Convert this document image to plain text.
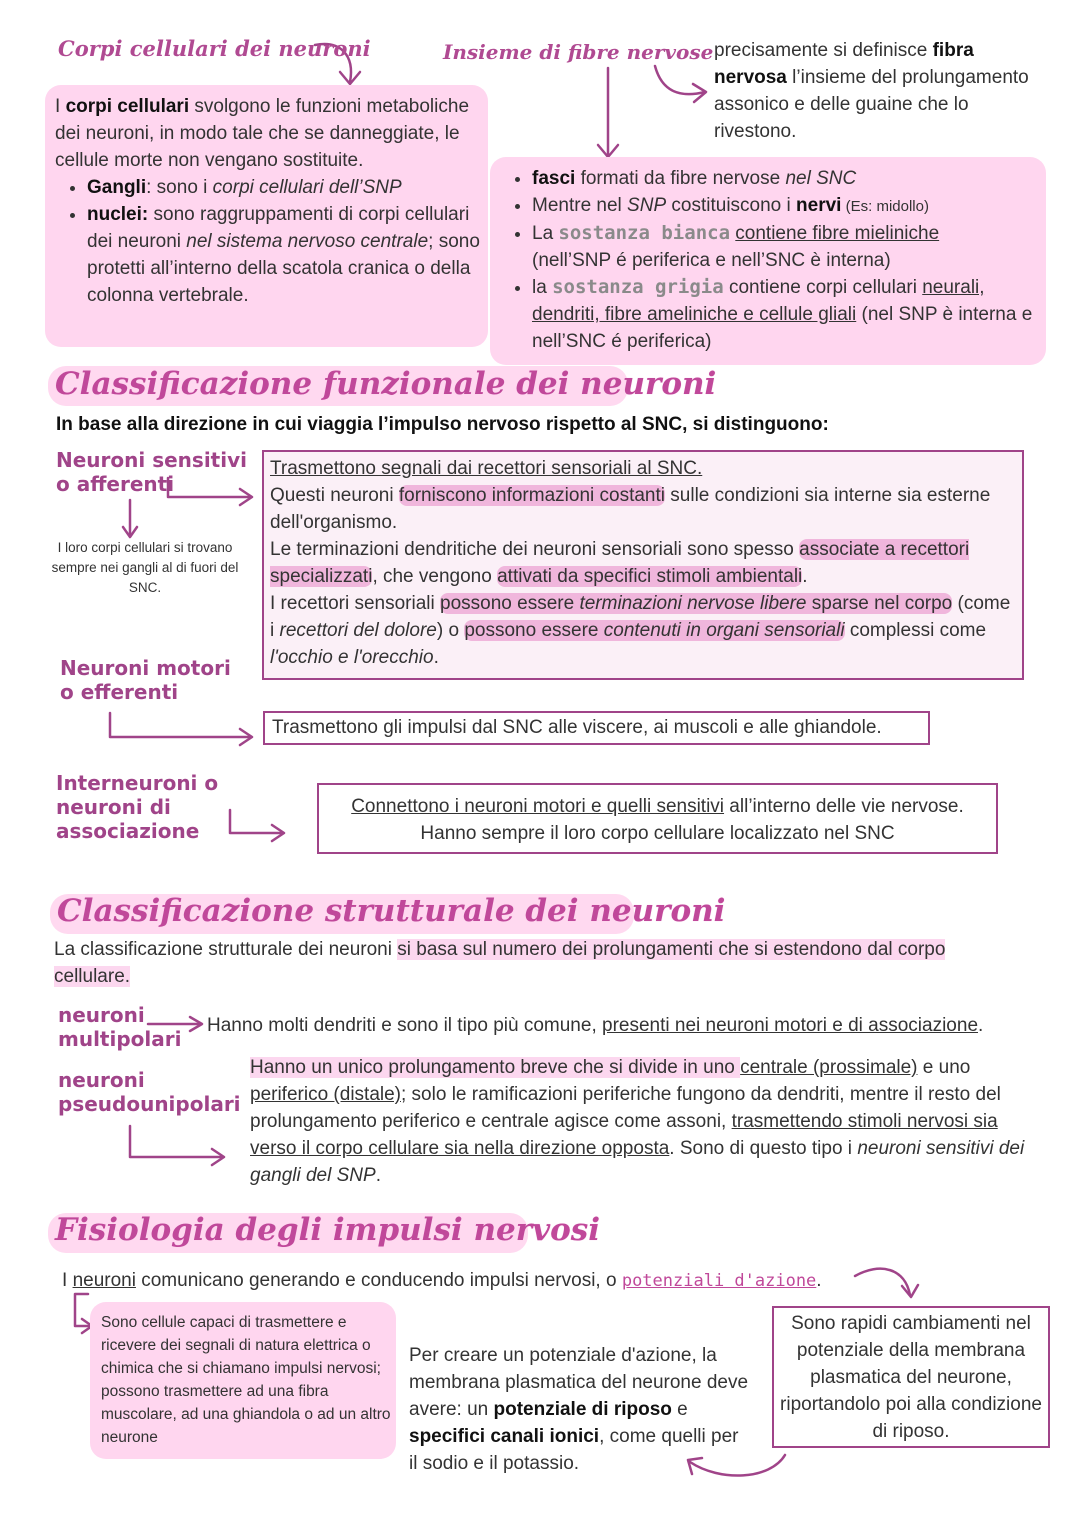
Corpi cellulari dei neuroni
I corpi cellulari svolgono le funzioni metaboliche dei neuroni, in modo tale che se danneggiate, le cellule morte non vengano sostituite.
• Gangli: sono i corpi cellulari dell’SNP
• nuclei: sono raggruppamenti di corpi cellulari dei neuroni nel sistema nervoso centrale; sono protetti all’interno della scatola cranica o della colonna vertebrale.
Insieme di fibre nervose precisamente si definisce fibra nervosa l’insieme del prolungamento assonico e delle guaine che lo rivestono.
• fasci formati da fibre nervose nel SNC
• Mentre nel SNP costituiscono i nervi (Es: midollo)
• La sostanza bianca contiene fibre mieliniche
(nell’SNP é periferica e nell’SNC è interna)
• la sostanza grigia contiene corpi cellulari neurali, dendriti, fibre ameliniche e cellule gliali (nel SNP è interna e nell’SNC é periferica)
Classificazione funzionale dei neuroni
In base alla direzione in cui viaggia l’impulso nervoso rispetto al SNC, si distinguono:
Neuroni sensitivi o afferenti
I loro corpi cellulari si trovano sempre nei gangli al di fuori del SNC.
Trasmettono segnali dai recettori sensoriali al SNC.
Questi neuroni forniscono informazioni costanti sulle condizioni sia interne sia esterne dell'organismo.
Le terminazioni dendritiche dei neuroni sensoriali sono spesso associate a recettori specializzati, che vengono attivati da specifici stimoli ambientali.
I recettori sensoriali possono essere terminazioni nervose libere sparse nel corpo (come i recettori del dolore) o possono essere contenuti in organi sensoriali complessi come l'occhio e l'orecchio.
Neuroni motori o efferenti
Trasmettono gli impulsi dal SNC alle viscere, ai muscoli e alle ghiandole.
Interneuroni o neuroni di associazione
Connettono i neuroni motori e quelli sensitivi all’interno delle vie nervose.
Hanno sempre il loro corpo cellulare localizzato nel SNC
Classificazione strutturale dei neuroni
La classificazione strutturale dei neuroni si basa sul numero dei prolungamenti che si estendono dal corpo cellulare.
neuroni multipolari
Hanno molti dendriti e sono il tipo più comune, presenti nei neuroni motori e di associazione.
neuroni pseudounipolari
Hanno un unico prolungamento breve che si divide in uno centrale (prossimale) e uno periferico (distale); solo le ramificazioni periferiche fungono da dendriti, mentre il resto del prolungamento periferico e centrale agisce come assoni, trasmettendo stimoli nervosi sia verso il corpo cellulare sia nella direzione opposta. Sono di questo tipo i neuroni sensitivi dei gangli del SNP.
Fisiologia degli impulsi nervosi
I neuroni comunicano generando e conducendo impulsi nervosi, o potenziali d'azione.
Sono cellule capaci di trasmettere e ricevere dei segnali di natura elettrica o chimica che si chiamano impulsi nervosi; possono trasmettere ad una fibra muscolare, ad una ghiandola o ad un altro neurone
Per creare un potenziale d'azione, la membrana plasmatica del neurone deve avere: un potenziale di riposo e specifici canali ionici, come quelli per il sodio e il potassio.
Sono rapidi cambiamenti nel potenziale della membrana plasmatica del neurone, riportandolo poi alla condizione di riposo.
